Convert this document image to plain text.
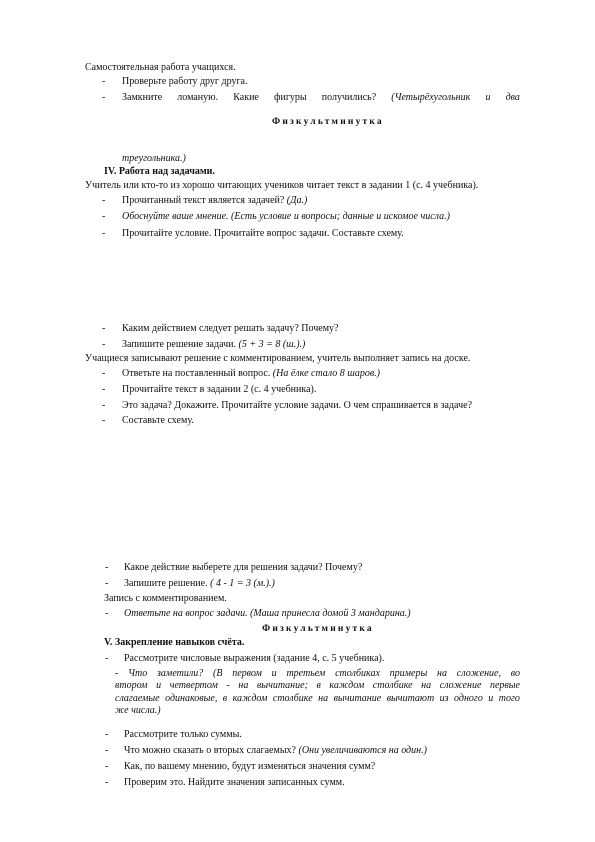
Самостоятельная работа учащихся.
- Проверьте работу друг друга.
- Замкните ломаную. Какие фигуры получились? (Четырёхугольник и два
Физкультминутка
треугольника.)
IV. Работа над задачами.
Учитель или кто-то из хорошо читающих учеников читает текст в задании 1 (с. 4 учебника).
- Прочитанный текст является задачей? (Да.)
- Обоснуйте ваше мнение. (Есть условие и вопросы; данные и искомое числа.)
- Прочитайте условие. Прочитайте вопрос задачи. Составьте схему.
- Каким действием следует решать задачу? Почему?
- Запишите решение задачи. (5 + 3 = 8 (ш.).)
Учащиеся записывают решение с комментированием, учитель выполняет запись на доске.
- Ответьте на поставленный вопрос. (На ёлке стало 8 шаров.)
- Прочитайте текст в задании 2 (с. 4 учебника).
- Это задача? Докажите. Прочитайте условие задачи. О чем спрашивается в задаче?
- Составьте схему.
- Какое действие выберете для решения задачи? Почему?
- Запишите решение. ( 4 - 1 = 3 (м.).)
Запись с комментированием.
- Ответьте на вопрос задачи. (Маша принесла домой 3 мандарина.)
Физкультминутка
V. Закрепление навыков счёта.
- Рассмотрите числовые выражения (задание 4, с. 5 учебника).
- Что заметили? (В первом и третьем столбиках примеры на сложение, во
втором и четвертом - на вычитание; в каждом столбике на сложение первые
слагаемые одинаковые, в каждом столбике на вычитание вычитают из одного и того
же числа.)
- Рассмотрите только суммы.
- Что можно сказать о вторых слагаемых? (Они увеличиваются на один.)
- Как, по вашему мнению, будут изменяться значения сумм?
- Проверим это. Найдите значения записанных сумм.
